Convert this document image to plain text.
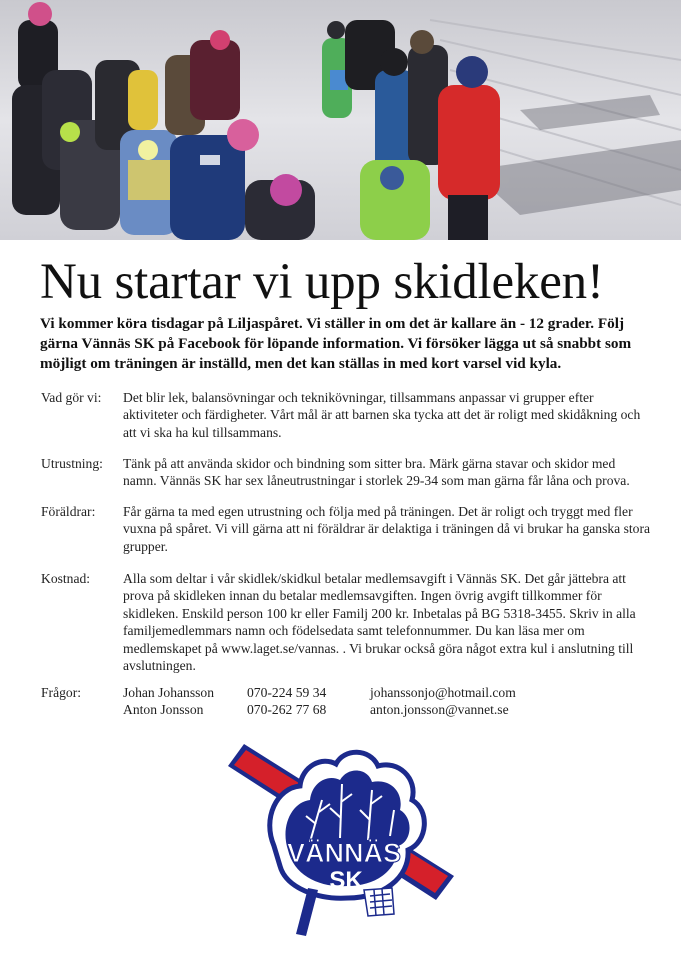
Nu startar vi upp skidleken!
Vi kommer köra tisdagar på Liljaspåret. Vi ställer in om det är kallare än - 12 grader. Följ gärna Vännäs SK på Facebook för löpande information. Vi försöker lägga ut så snabbt som möjligt om träningen är inställd, men det kan ställas in med kort varsel vid kyla.
Vad gör vi:	Det blir lek, balansövningar och teknikövningar, tillsammans anpassar vi grupper efter aktiviteter och färdigheter. Vårt mål är att barnen ska tycka att det är roligt med skidåkning och att vi ska ha kul tillsammans.
Utrustning:	Tänk på att använda skidor och bindning som sitter bra. Märk gärna stavar och skidor med namn. Vännäs SK har sex låneutrustningar i storlek 29-34 som man gärna får låna och prova.
Föräldrar:	Får gärna ta med egen utrustning och följa med på träningen. Det är roligt och tryggt med fler vuxna på spåret. Vi vill gärna att ni föräldrar är delaktiga i träningen då vi brukar ha ganska stora grupper.
Kostnad:	Alla som deltar i vår skidlek/skidkul betalar medlemsavgift i Vännäs SK. Det går jättebra att prova på skidleken innan du betalar medlemsavgiften. Ingen övrig avgift tillkommer för skidleken. Enskild person 100 kr eller Familj 200 kr. Inbetalas på BG 5318-3455. Skriv in alla familjemedlemmars namn och födelsedata samt telefonnummer. Du kan läsa mer om medlemskapet på www.laget.se/vannas. . Vi brukar också göra något extra kul i anslutning till avslutningen.
Frågor:	Johan Johansson 070-224 59 34	johanssonjo@hotmail.com
Anton Jonsson	070-262 77 68	anton.jonsson@vannet.se
VÄNNÄS
SK
